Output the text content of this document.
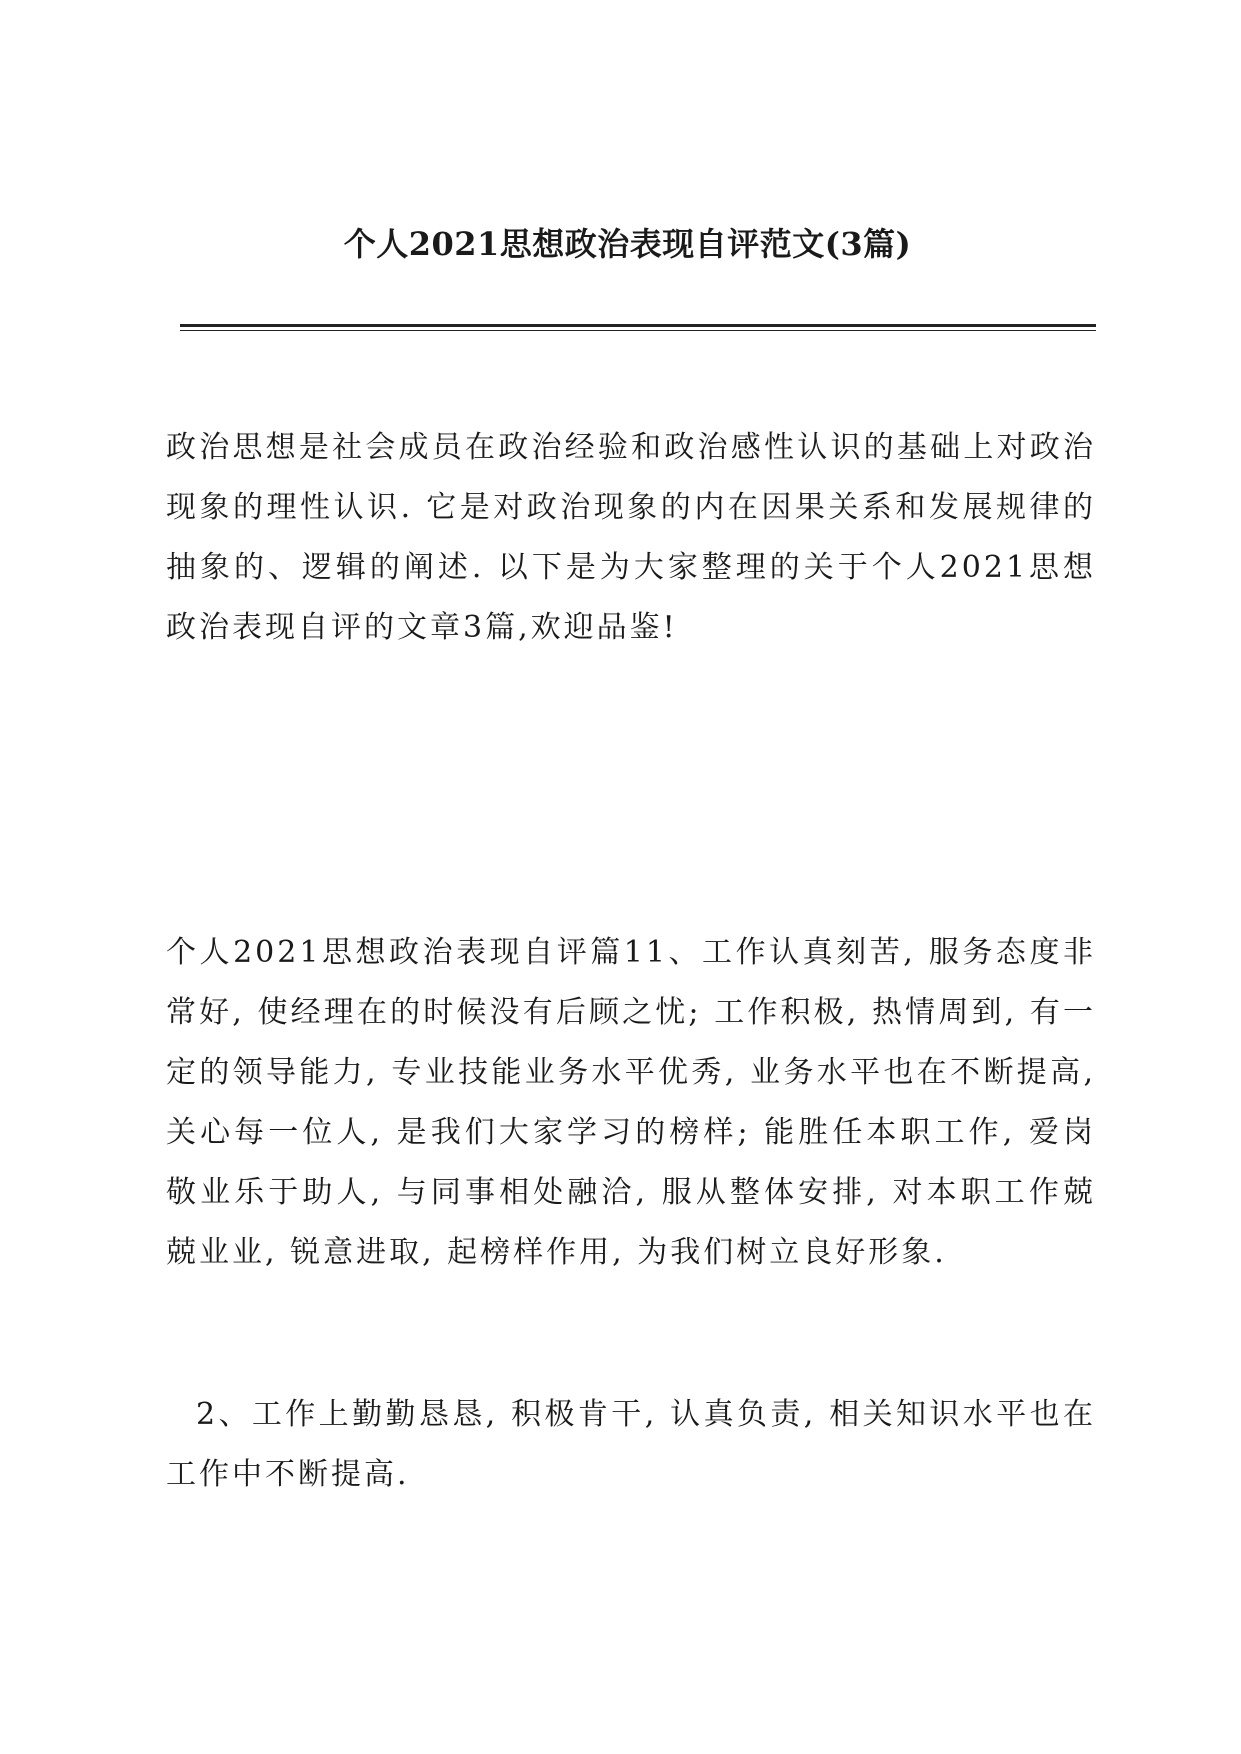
个人2021思想政治表现自评范文(3篇)

政治思想是社会成员在政治经验和政治感性认识的基础上对政治现象的理性认识. 它是对政治现象的内在因果关系和发展规律的抽象的、逻辑的阐述. 以下是为大家整理的关于个人2021思想政治表现自评的文章3篇,欢迎品鉴!

个人2021思想政治表现自评篇11、工作认真刻苦, 服务态度非常好, 使经理在的时候没有后顾之忧; 工作积极, 热情周到, 有一定的领导能力, 专业技能业务水平优秀, 业务水平也在不断提高, 关心每一位人, 是我们大家学习的榜样; 能胜任本职工作, 爱岗敬业乐于助人, 与同事相处融洽, 服从整体安排, 对本职工作兢兢业业, 锐意进取, 起榜样作用, 为我们树立良好形象.

2、工作上勤勤恳恳, 积极肯干, 认真负责, 相关知识水平也在工作中不断提高.
